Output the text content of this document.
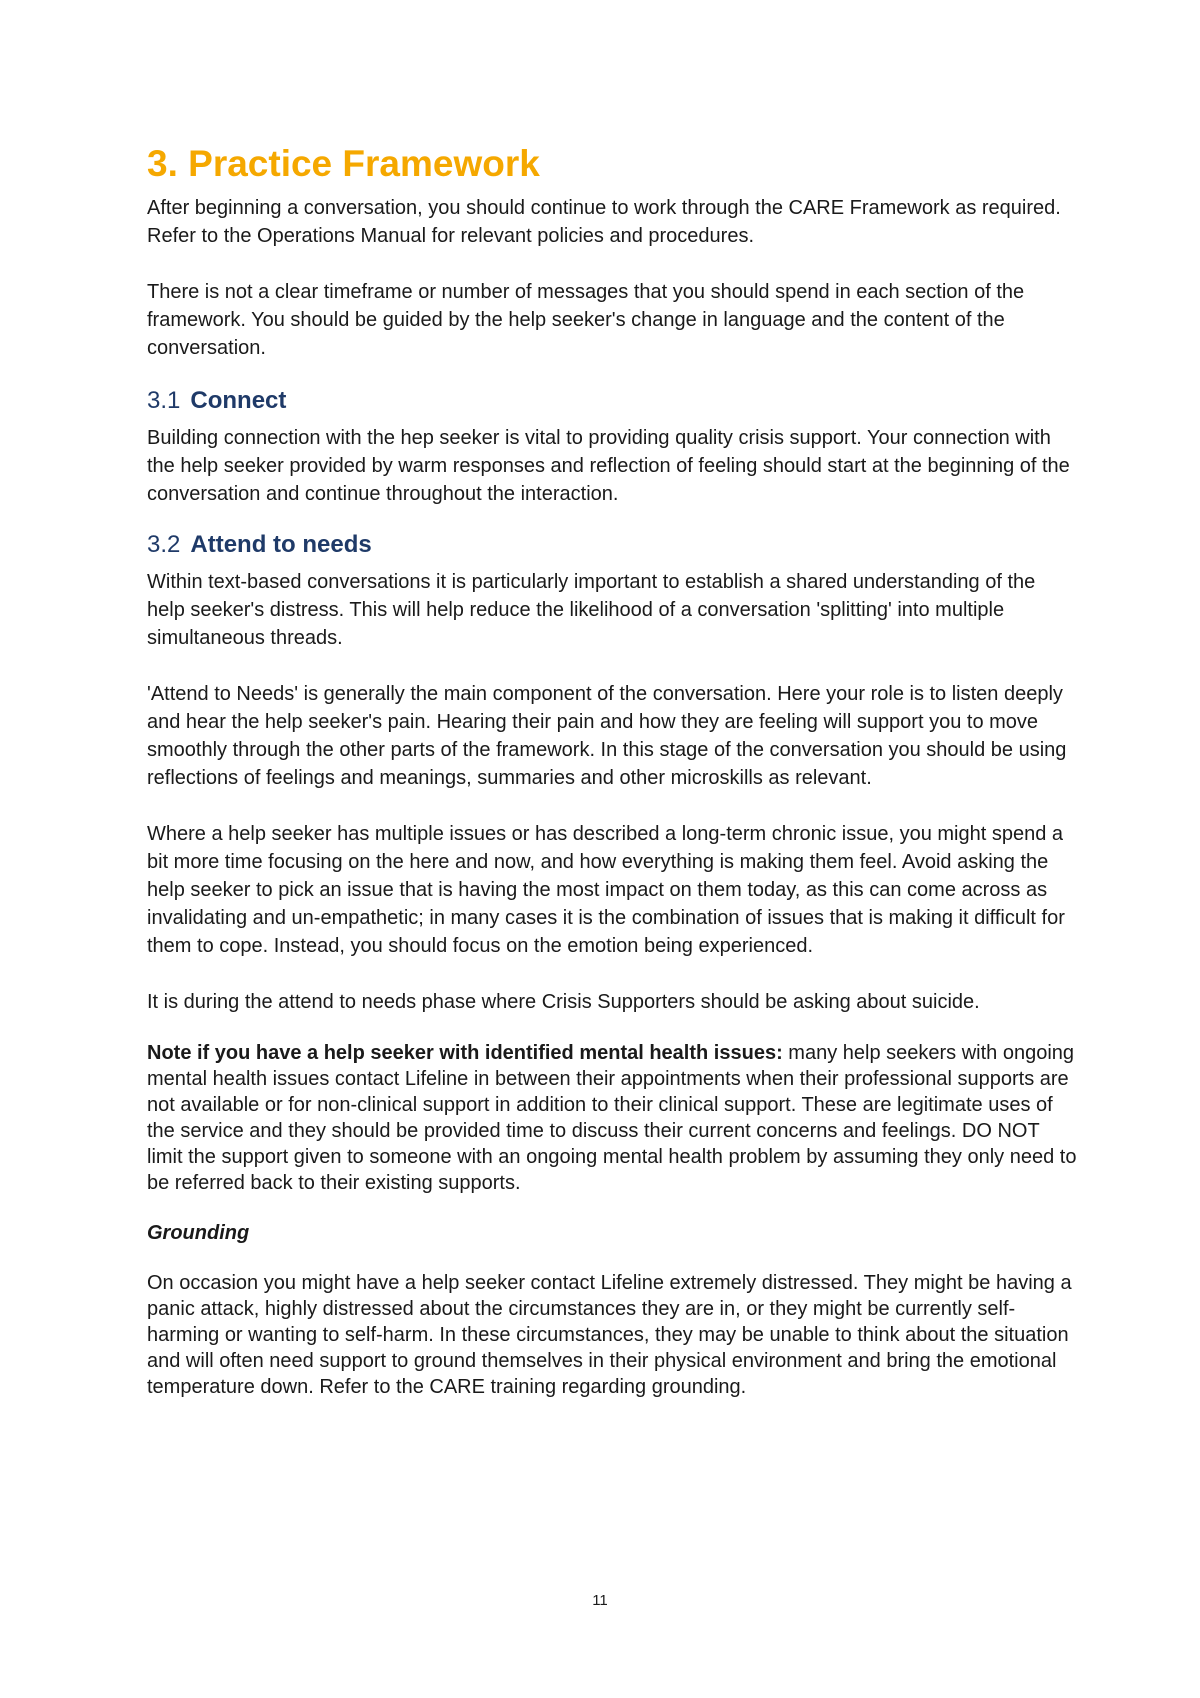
3. Practice Framework

After beginning a conversation, you should continue to work through the CARE Framework as required. Refer to the Operations Manual for relevant policies and procedures.

There is not a clear timeframe or number of messages that you should spend in each section of the framework. You should be guided by the help seeker's change in language and the content of the conversation.

3.1 Connect

Building connection with the hep seeker is vital to providing quality crisis support. Your connection with the help seeker provided by warm responses and reflection of feeling should start at the beginning of the conversation and continue throughout the interaction.

3.2 Attend to needs

Within text-based conversations it is particularly important to establish a shared understanding of the help seeker's distress. This will help reduce the likelihood of a conversation 'splitting' into multiple simultaneous threads.

'Attend to Needs' is generally the main component of the conversation. Here your role is to listen deeply and hear the help seeker's pain. Hearing their pain and how they are feeling will support you to move smoothly through the other parts of the framework. In this stage of the conversation you should be using reflections of feelings and meanings, summaries and other microskills as relevant.

Where a help seeker has multiple issues or has described a long-term chronic issue, you might spend a bit more time focusing on the here and now, and how everything is making them feel. Avoid asking the help seeker to pick an issue that is having the most impact on them today, as this can come across as invalidating and un-empathetic; in many cases it is the combination of issues that is making it difficult for them to cope. Instead, you should focus on the emotion being experienced.

It is during the attend to needs phase where Crisis Supporters should be asking about suicide.

Note if you have a help seeker with identified mental health issues: many help seekers with ongoing mental health issues contact Lifeline in between their appointments when their professional supports are not available or for non-clinical support in addition to their clinical support. These are legitimate uses of the service and they should be provided time to discuss their current concerns and feelings. DO NOT limit the support given to someone with an ongoing mental health problem by assuming they only need to be referred back to their existing supports.

Grounding

On occasion you might have a help seeker contact Lifeline extremely distressed. They might be having a panic attack, highly distressed about the circumstances they are in, or they might be currently self-harming or wanting to self-harm. In these circumstances, they may be unable to think about the situation and will often need support to ground themselves in their physical environment and bring the emotional temperature down. Refer to the CARE training regarding grounding.

11
